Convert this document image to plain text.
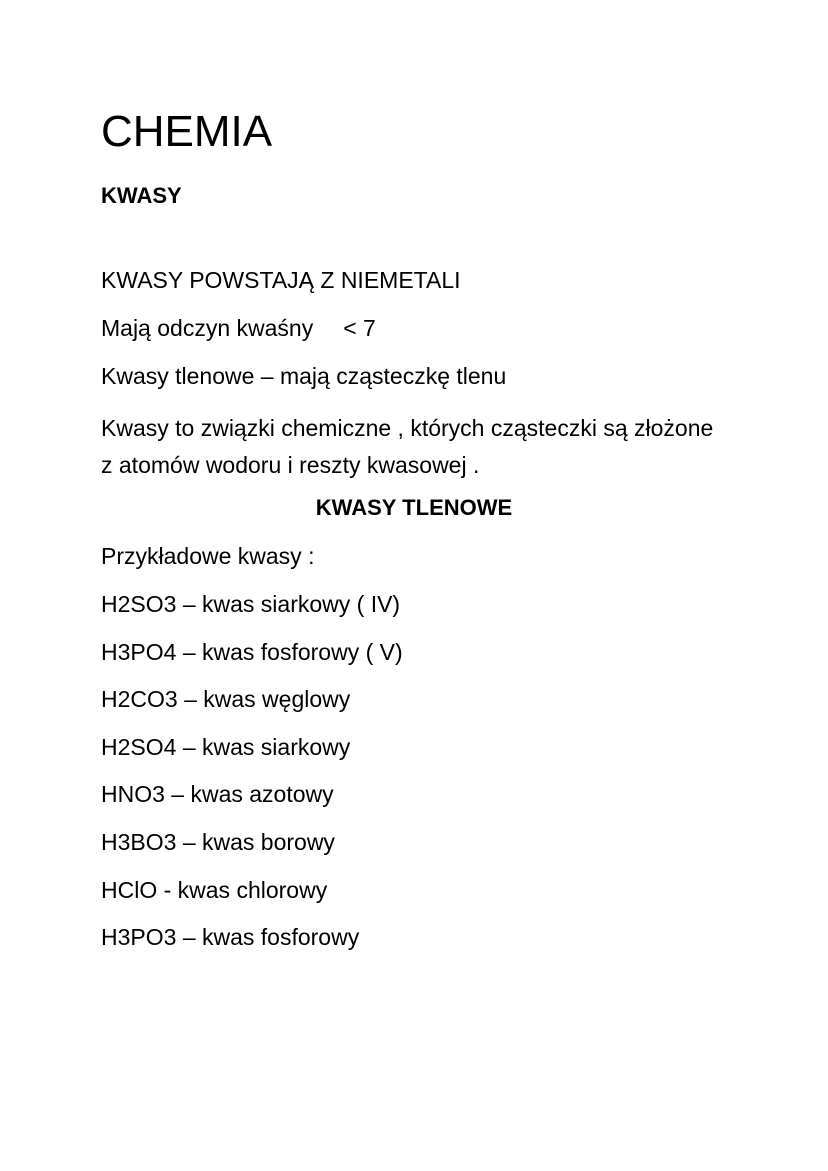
CHEMIA
KWASY

KWASY POWSTAJĄ Z NIEMETALI

Mają odczyn kwaśny < 7

Kwasy tlenowe – mają cząsteczkę tlenu

Kwasy to związki chemiczne , których cząsteczki są złożone z atomów wodoru i reszty kwasowej .

KWASY TLENOWE

Przykładowe kwasy :

H2SO3 – kwas siarkowy ( IV)
H3PO4 – kwas fosforowy ( V)
H2CO3 – kwas węglowy
H2SO4 – kwas siarkowy
HNO3 – kwas azotowy
H3BO3 – kwas borowy
HClO - kwas chlorowy
H3PO3 – kwas fosforowy
